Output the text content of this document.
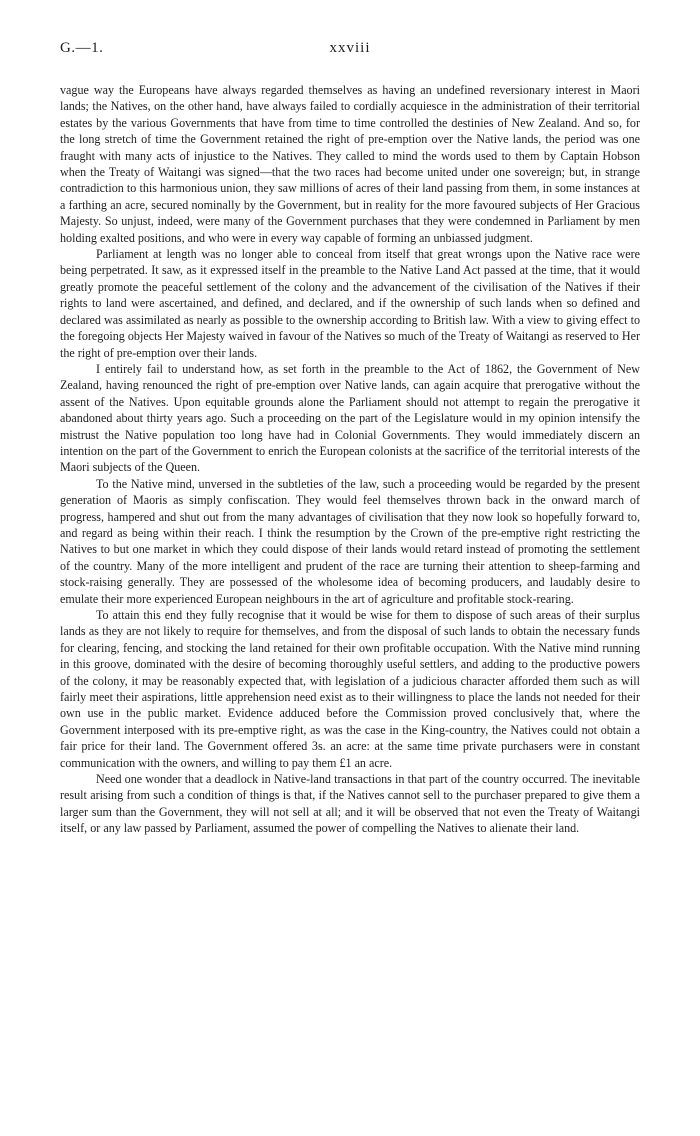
G.—1.	xxviii

vague way the Europeans have always regarded themselves as having an undefined reversionary interest in Maori lands; the Natives, on the other hand, have always failed to cordially acquiesce in the administration of their territorial estates by the various Governments that have from time to time controlled the destinies of New Zealand. And so, for the long stretch of time the Government retained the right of pre-emption over the Native lands, the period was one fraught with many acts of injustice to the Natives. They called to mind the words used to them by Captain Hobson when the Treaty of Waitangi was signed—that the two races had become united under one sovereign; but, in strange contradiction to this harmonious union, they saw millions of acres of their land passing from them, in some instances at a farthing an acre, secured nominally by the Government, but in reality for the more favoured subjects of Her Gracious Majesty. So unjust, indeed, were many of the Government purchases that they were condemned in Parliament by men holding exalted positions, and who were in every way capable of forming an unbiassed judgment.

Parliament at length was no longer able to conceal from itself that great wrongs upon the Native race were being perpetrated. It saw, as it expressed itself in the preamble to the Native Land Act passed at the time, that it would greatly promote the peaceful settlement of the colony and the advancement of the civilisation of the Natives if their rights to land were ascertained, and defined, and declared, and if the ownership of such lands when so defined and declared was assimilated as nearly as possible to the ownership according to British law. With a view to giving effect to the foregoing objects Her Majesty waived in favour of the Natives so much of the Treaty of Waitangi as reserved to Her the right of pre-emption over their lands.

I entirely fail to understand how, as set forth in the preamble to the Act of 1862, the Government of New Zealand, having renounced the right of pre-emption over Native lands, can again acquire that prerogative without the assent of the Natives. Upon equitable grounds alone the Parliament should not attempt to regain the prerogative it abandoned about thirty years ago. Such a proceeding on the part of the Legislature would in my opinion intensify the mistrust the Native population too long have had in Colonial Governments. They would immediately discern an intention on the part of the Government to enrich the European colonists at the sacrifice of the territorial interests of the Maori subjects of the Queen.

To the Native mind, unversed in the subtleties of the law, such a proceeding would be regarded by the present generation of Maoris as simply confiscation. They would feel themselves thrown back in the onward march of progress, hampered and shut out from the many advantages of civilisation that they now look so hopefully forward to, and regard as being within their reach. I think the resumption by the Crown of the pre-emptive right restricting the Natives to but one market in which they could dispose of their lands would retard instead of promoting the settlement of the country. Many of the more intelligent and prudent of the race are turning their attention to sheep-farming and stock-raising generally. They are possessed of the wholesome idea of becoming producers, and laudably desire to emulate their more experienced European neighbours in the art of agriculture and profitable stock-rearing.

To attain this end they fully recognise that it would be wise for them to dispose of such areas of their surplus lands as they are not likely to require for themselves, and from the disposal of such lands to obtain the necessary funds for clearing, fencing, and stocking the land retained for their own profitable occupation. With the Native mind running in this groove, dominated with the desire of becoming thoroughly useful settlers, and adding to the productive powers of the colony, it may be reasonably expected that, with legislation of a judicious character afforded them such as will fairly meet their aspirations, little apprehension need exist as to their willingness to place the lands not needed for their own use in the public market. Evidence adduced before the Commission proved conclusively that, where the Government interposed with its pre-emptive right, as was the case in the King-country, the Natives could not obtain a fair price for their land. The Government offered 3s. an acre: at the same time private purchasers were in constant communication with the owners, and willing to pay them £1 an acre.

Need one wonder that a deadlock in Native-land transactions in that part of the country occurred. The inevitable result arising from such a condition of things is that, if the Natives cannot sell to the purchaser prepared to give them a larger sum than the Government, they will not sell at all; and it will be observed that not even the Treaty of Waitangi itself, or any law passed by Parliament, assumed the power of compelling the Natives to alienate their land.
